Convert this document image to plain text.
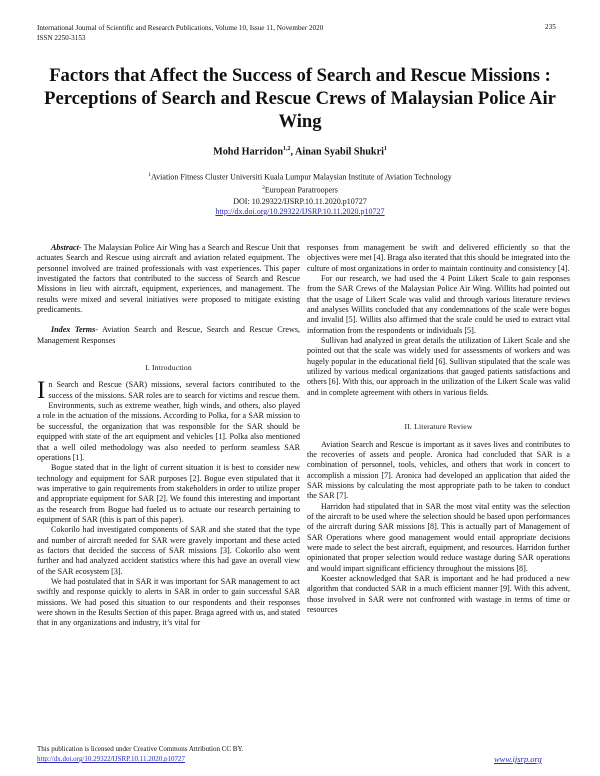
International Journal of Scientific and Research Publications, Volume 10, Issue 11, November 2020
ISSN 2250-3153
235
Factors that Affect the Success of Search and Rescue Missions : Perceptions of Search and Rescue Crews of Malaysian Police Air Wing
Mohd Harridon$^{1,2}$, Ainan Syabil Shukri$^1$
$^1$Aviation Fitness Cluster Universiti Kuala Lumpur Malaysian Institute of Aviation Technology
$^2$European Paratroopers
DOI: 10.29322/IJSRP.10.11.2020.p10727
http://dx.doi.org/10.29322/IJSRP.10.11.2020.p10727

Abstract- The Malaysian Police Air Wing has a Search and Rescue Unit that actuates Search and Rescue using aircraft and aviation related equipment. The personnel involved are trained professionals with vast experiences. This paper investigated the factors that contributed to the success of Search and Rescue Missions in lieu with aircraft, equipment, experiences, and management. The results were mixed and several initiatives were proposed to mitigate existing predicaments.

Index Terms- Aviation Search and Rescue, Search and Rescue Crews, Management Responses

I. Introduction

In Search and Rescue (SAR) missions, several factors contributed to the success of the missions. SAR roles are to search for victims and rescue them. Environments, such as extreme weather, high winds, and others, also played a role in the actuation of the missions. According to Polka, for a SAR mission to be successful, the organization that was responsible for the SAR should be equipped with state of the art equipment and vehicles [1]. Polka also mentioned that a well oiled methodology was also needed to perform seamless SAR operations [1].

Bogue stated that in the light of current situation it is best to consider new technology and equipment for SAR purposes [2]. Bogue even stipulated that it was imperative to gain requirements from stakeholders in order to utilize proper and appropriate equipment for SAR [2]. We found this interesting and important as the research from Bogue had fueled us to actuate our research pertaining to equipment of SAR (this is part of this paper).

Cokorilo had investigated components of SAR and she stated that the type and number of aircraft needed for SAR were gravely important and these acted as factors that decided the success of SAR missions [3]. Cokorilo also went further and had analyzed accident statistics where this had gave an overall view of the SAR ecosystem [3].

We had postulated that in SAR it was important for SAR management to act swiftly and response quickly to alerts in SAR in order to gain successful SAR missions. We had posed this situation to our respondents and their responses were shown in the Results Section of this paper. Braga agreed with us, and stated that in any organizations and industry, it’s vital for

responses from management be swift and delivered efficiently so that the objectives were met [4]. Braga also iterated that this should be integrated into the culture of most organizations in order to maintain continuity and consistency [4].

For our research, we had used the 4 Point Likert Scale to gain responses from the SAR Crews of the Malaysian Police Air Wing. Willits had pointed out that the usage of Likert Scale was valid and through various literature reviews and analyses Willits concluded that any condemnations of the scale were bogus and invalid [5]. Willits also affirmed that the scale could be used to extract vital information from the respondents or individuals [5].

Sullivan had analyzed in great details the utilization of Likert Scale and she pointed out that the scale was widely used for assessments of workers and was hugely popular in the educational field [6]. Sullivan stipulated that the scale was utilized by various medical organizations that gauged patients satisfactions and others [6]. With this, our approach in the utilization of the Likert Scale was valid and in complete agreement with others in various fields.

II. Literature Review

Aviation Search and Rescue is important as it saves lives and contributes to the recoveries of assets and people. Aronica had concluded that SAR is a combination of personnel, tools, vehicles, and others that work in concert to accomplish a mission [7]. Aronica had developed an application that aided the SAR missions by calculating the most appropriate path to be taken to conduct the SAR [7].

Harridon had stipulated that in SAR the most vital entity was the selection of the aircraft to be used where the selection should be based upon performances of the aircraft during SAR missions [8]. This is actually part of Management of SAR Operations where good management would entail appropriate decisions were made to select the best aircraft, equipment, and resources. Harridon further opinionated that proper selection would reduce wastage during SAR operations and would impart significant efficiency throughout the missions [8].

Koester acknowledged that SAR is important and he had produced a new algorithm that conducted SAR in a much efficient manner [9]. With this advent, those involved in SAR were not confronted with wastage in terms of time or resources

This publication is licensed under Creative Commons Attribution CC BY.
http://dx.doi.org/10.29322/IJSRP.10.11.2020.p10727	www.ijsrp.org
